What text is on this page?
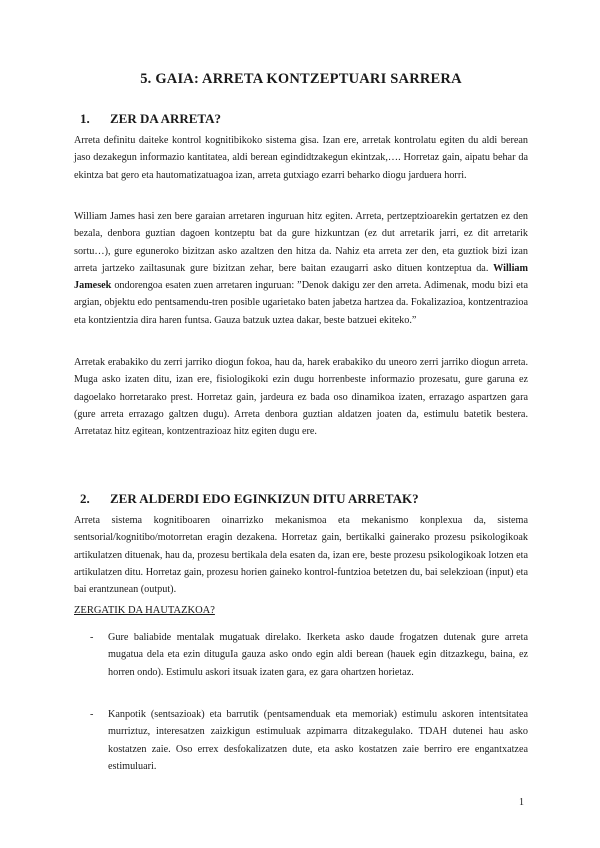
5. GAIA: ARRETA KONTZEPTUARI SARRERA
1. ZER DA ARRETA?

Arreta definitu daiteke kontrol kognitibikoko sistema gisa. Izan ere, arretak kontrolatu egiten du aldi berean jaso dezakegun informazio kantitatea, aldi berean egindidtzakegun ekintzak,…. Horretaz gain, aipatu behar da ekintza bat gero eta hautomatizatuagoa izan, arreta gutxiago ezarri beharko diogu jarduera horri.

William James hasi zen bere garaian arretaren inguruan hitz egiten. Arreta, pertzeptzioarekin gertatzen ez den bezala, denbora guztian dagoen kontzeptu bat da gure hizkuntzan (ez dut arretarik jarri, ez dit arretarik sortu…), gure eguneroko bizitzan asko azaltzen den hitza da. Nahiz eta arreta zer den, eta guztiok bizi izan arreta jartzeko zailtasunak gure bizitzan zehar, bere baitan ezaugarri asko dituen kontzeptua da. William Jamesek ondorengoa esaten zuen arretaren inguruan: ”Denok dakigu zer den arreta. Adimenak, modu bizi eta argian, objektu edo pentsamendu-tren posible ugarietako baten jabetza hartzea da. Fokalizazioa, kontzentrazioa eta kontzientzia dira haren funtsa. Gauza batzuk uztea dakar, beste batzuei ekiteko.”

Arretak erabakiko du zerri jarriko diogun fokoa, hau da, harek erabakiko du uneoro zerri jarriko diogun arreta. Muga asko izaten ditu, izan ere, fisiologikoki ezin dugu horrenbeste informazio prozesatu, gure garuna ez dagoelako horretarako prest. Horretaz gain, jardeura ez bada oso dinamikoa izaten, errazago aspartzen gara (gure arreta errazago galtzen dugu). Arreta denbora guztian aldatzen joaten da, estimulu batetik bestera. Arretataz hitz egitean, kontzentrazioaz hitz egiten dugu ere.

2. ZER ALDERDI EDO EGINKIZUN DITU ARRETAK?

Arreta sistema kognitiboaren oinarrizko mekanismoa eta mekanismo konplexua da, sistema sentsorial/kognitibo/motorretan eragin dezakena. Horretaz gain, bertikalki gainerako prozesu psikologikoak artikulatzen dituenak, hau da, prozesu bertikala dela esaten da, izan ere, beste prozesu psikologikoak lotzen eta artikulatzen ditu. Horretaz gain, prozesu horien gaineko kontrol-funtzioa betetzen du, bai selekzioan (input) eta bai erantzunean (output).

ZERGATIK DA HAUTAZKOA?

- Gure baliabide mentalak mugatuak direlako. Ikerketa asko daude frogatzen dutenak gure arreta mugatua dela eta ezin dituguIa gauza asko ondo egin aldi berean (hauek egin ditzazkegu, baina, ez horren ondo). Estimulu askori itsuak izaten gara, ez gara ohartzen horietaz.
- Kanpotik (sentsazioak) eta barrutik (pentsamenduak eta memoriak) estimulu askoren intentsitatea murriztuz, interesatzen zaizkigun estimuluak azpimarra ditzakegulako. TDAH dutenei hau asko kostatzen zaie. Oso errex desfokalizatzen dute, eta asko kostatzen zaie berriro ere engantxatzea estimuluari.
1
